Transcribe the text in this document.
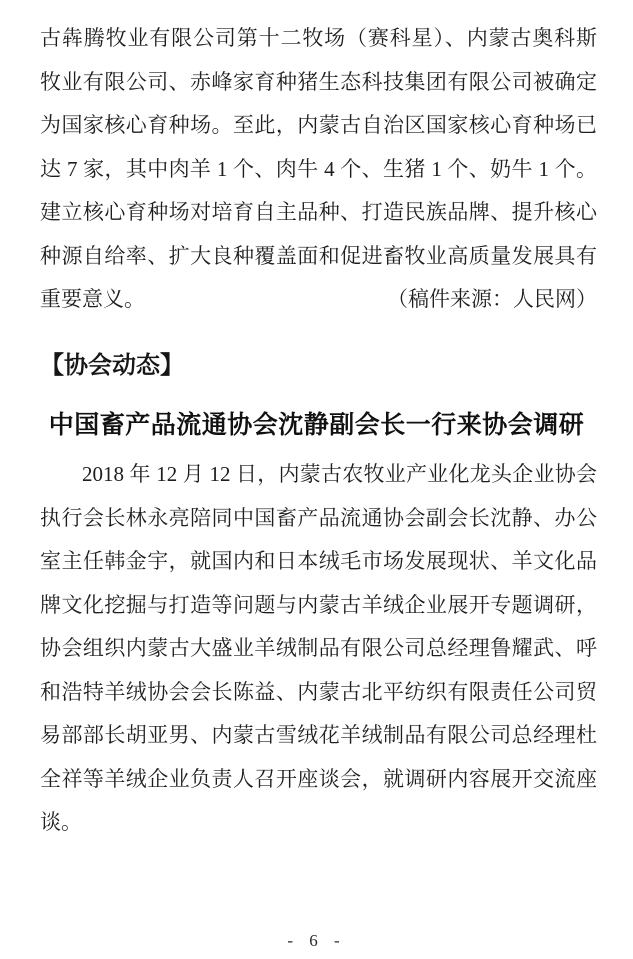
古犇腾牧业有限公司第十二牧场（赛科星）、内蒙古奥科斯
牧业有限公司、赤峰家育种猪生态科技集团有限公司被确定
为国家核心育种场。至此，内蒙古自治区国家核心育种场已
达 7 家，其中肉羊 1 个、肉牛 4 个、生猪 1 个、奶牛 1 个。
建立核心育种场对培育自主品种、打造民族品牌、提升核心
种源自给率、扩大良种覆盖面和促进畜牧业高质量发展具有
重要意义。	（稿件来源：人民网）
【协会动态】
中国畜产品流通协会沈静副会长一行来协会调研
2018 年 12 月 12 日，内蒙古农牧业产业化龙头企业协会
执行会长林永亮陪同中国畜产品流通协会副会长沈静、办公
室主任韩金宇，就国内和日本绒毛市场发展现状、羊文化品
牌文化挖掘与打造等问题与内蒙古羊绒企业展开专题调研，
协会组织内蒙古大盛业羊绒制品有限公司总经理鲁耀武、呼
和浩特羊绒协会会长陈益、内蒙古北平纺织有限责任公司贸
易部部长胡亚男、内蒙古雪绒花羊绒制品有限公司总经理杜
全祥等羊绒企业负责人召开座谈会，就调研内容展开交流座
谈。
- 6 -
